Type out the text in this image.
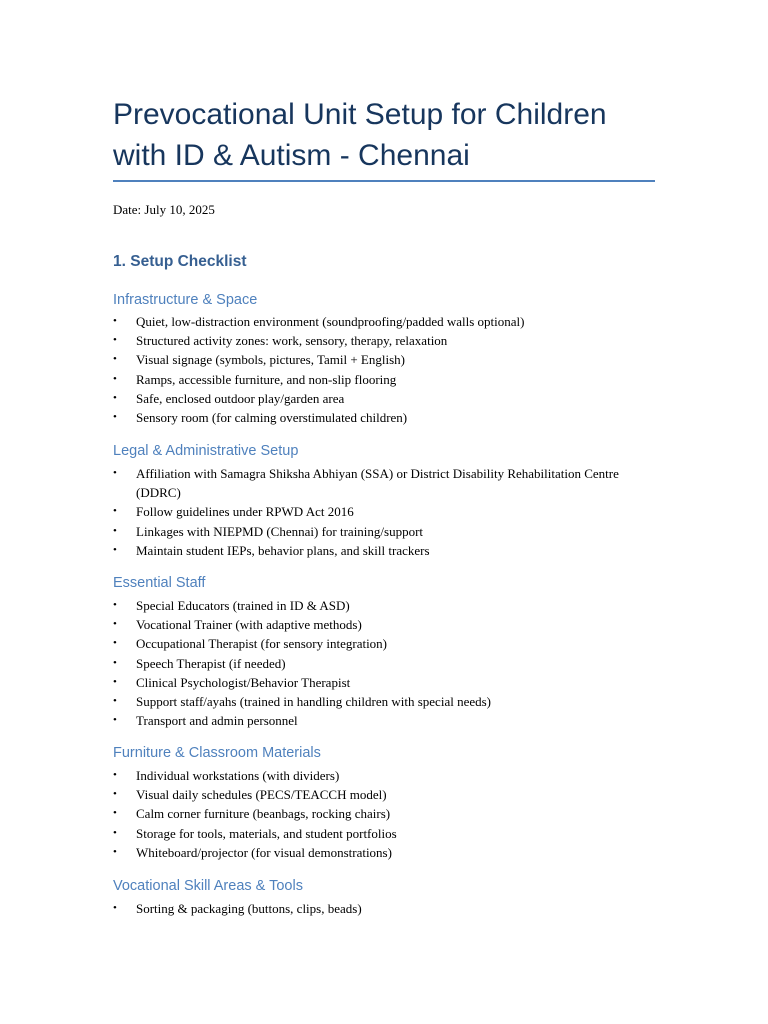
Prevocational Unit Setup for Children
with ID & Autism - Chennai
Date: July 10, 2025
1. Setup Checklist
Infrastructure & Space
• Quiet, low-distraction environment (soundproofing/padded walls optional)
• Structured activity zones: work, sensory, therapy, relaxation
• Visual signage (symbols, pictures, Tamil + English)
• Ramps, accessible furniture, and non-slip flooring
• Safe, enclosed outdoor play/garden area
• Sensory room (for calming overstimulated children)
Legal & Administrative Setup
• Affiliation with Samagra Shiksha Abhiyan (SSA) or District Disability Rehabilitation Centre (DDRC)
• Follow guidelines under RPWD Act 2016
• Linkages with NIEPMD (Chennai) for training/support
• Maintain student IEPs, behavior plans, and skill trackers
Essential Staff
• Special Educators (trained in ID & ASD)
• Vocational Trainer (with adaptive methods)
• Occupational Therapist (for sensory integration)
• Speech Therapist (if needed)
• Clinical Psychologist/Behavior Therapist
• Support staff/ayahs (trained in handling children with special needs)
• Transport and admin personnel
Furniture & Classroom Materials
• Individual workstations (with dividers)
• Visual daily schedules (PECS/TEACCH model)
• Calm corner furniture (beanbags, rocking chairs)
• Storage for tools, materials, and student portfolios
• Whiteboard/projector (for visual demonstrations)
Vocational Skill Areas & Tools
• Sorting & packaging (buttons, clips, beads)
